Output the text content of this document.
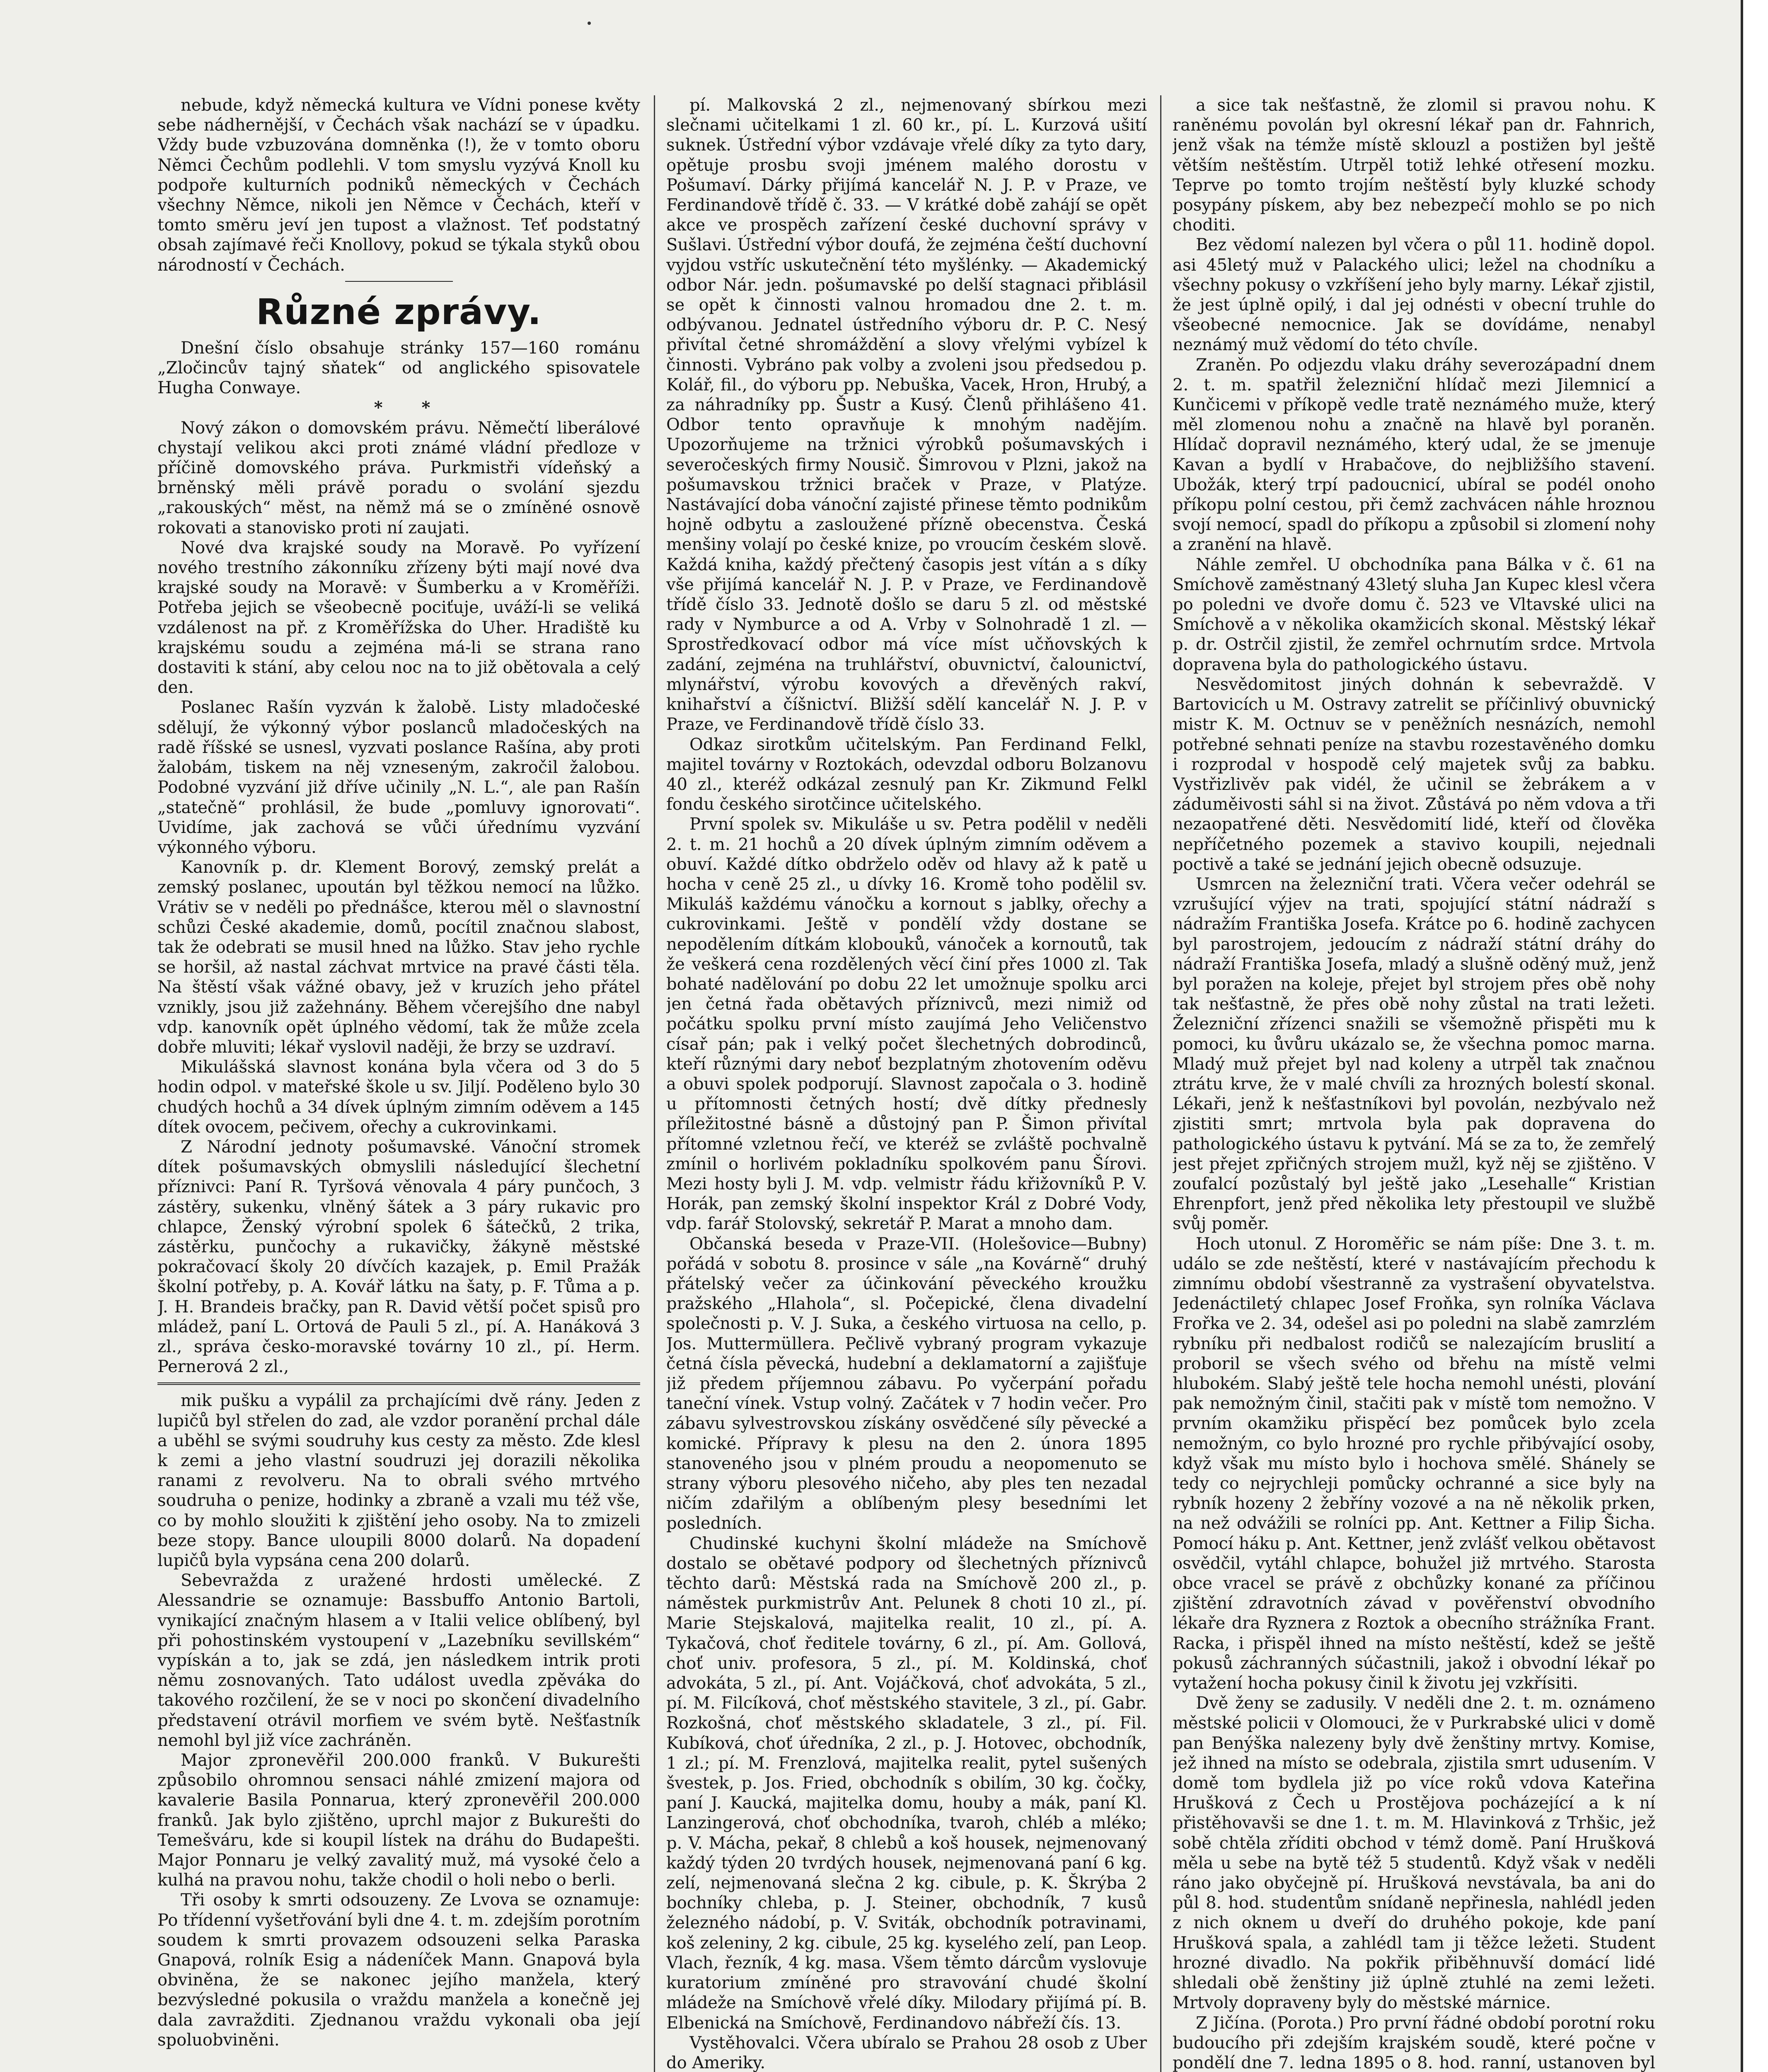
nebude, když německá kultura ve Vídni ponese květy sebe nádhernější, v Čechách však nachází se v úpadku. Vždy bude vzbuzována domněnka (!), že v tomto oboru Němci Čechům podlehli. V tom smyslu vyzývá Knoll ku podpoře kulturních podniků německých v Čechách všechny Němce, nikoli jen Němce v Čechách, kteří v tomto směru jeví jen tupost a vlažnost. Teť podstatný obsah zajímavé řeči Knollovy, pokud se týkala styků obou národností v Čechách.

Různé zprávy.

Dnešní číslo obsahuje stránky 157—160 románu „Zločincův tajný sňatek“ od anglického spisovatele Hugha Conwaye.

* *

Nový zákon o domovském právu. Němečtí liberálové chystají velikou akci proti známé vládní předloze v příčině domovského práva. Purkmistři vídeňský a brněnský měli právě poradu o svolání sjezdu „rakouských“ měst, na němž má se o zmíněné osnově rokovati a stanovisko proti ní zaujati.

Nové dva krajské soudy na Moravě. Po vyřízení nového trestního zákonníku zřízeny býti mají nové dva krajské soudy na Moravě: v Šumberku a v Kroměříži. Potřeba jejich se všeobecně pociťuje, uváží-li se veliká vzdálenost na př. z Kroměřížska do Uher. Hradiště ku krajskému soudu a zejména má-li se strana rano dostaviti k stání, aby celou noc na to již obětovala a celý den.

Poslanec Rašín vyzván k žalobě. Listy mladočeské sdělují, že výkonný výbor poslanců mladočeských na radě říšské se usnesl, vyzvati poslance Rašína, aby proti žalobám, tiskem na něj vzneseným, zakročil žalobou. Podobné vyzvání již dříve učinily „N. L.“, ale pan Rašín „statečně“ prohlásil, že bude „pomluvy ignorovati“. Uvidíme, jak zachová se vůči úřednímu vyzvání výkonného výboru.

Kanovník p. dr. Klement Borový, zemský prelát a zemský poslanec, upoután byl těžkou nemocí na lůžko. Vrátiv se v neděli po přednášce, kterou měl o slavnostní schůzi České akademie, domů, pocítil značnou slabost, tak že odebrati se musil hned na lůžko. Stav jeho rychle se horšil, až nastal záchvat mrtvice na pravé části těla. Na štěstí však vážné obavy, jež v kruzích jeho přátel vznikly, jsou již zažehnány. Během včerejšího dne nabyl vdp. kanovník opět úplného vědomí, tak že může zcela dobře mluviti; lékař vyslovil naději, že brzy se uzdraví.

Mikulášská slavnost konána byla včera od 3 do 5 hodin odpol. v mateřské škole u sv. Jiljí. Poděleno bylo 30 chudých hochů a 34 dívek úplným zimním oděvem a 145 dítek ovocem, pečivem, ořechy a cukrovinkami.

Z Národní jednoty pošumavské. Vánoční stromek dítek pošumavských obmyslili následující šlechetní příznivci: Paní R. Tyršová věnovala 4 páry punčoch, 3 zástěry, sukenku, vlněný šátek a 3 páry rukavic pro chlapce, Ženský výrobní spolek 6 šátečků, 2 trika, zástěrku, punčochy a rukavičky, žákyně městské pokračovací školy 20 dívčích kazajek, p. Emil Pražák školní potřeby, p. A. Kovář látku na šaty, p. F. Tůma a p. J. H. Brandeis bračky, pan R. David větší počet spisů pro mládež, paní L. Ortová de Pauli 5 zl., pí. A. Hanáková 3 zl., správa česko-moravské továrny 10 zl., pí. Herm. Pernerová 2 zl.,

mik pušku a vypálil za prchajícími dvě rány. Jeden z lupičů byl střelen do zad, ale vzdor poranění prchal dále a uběhl se svými soudruhy kus cesty za město. Zde klesl k zemi a jeho vlastní soudruzi jej dorazili několika ranami z revolveru. Na to obrali svého mrtvého soudruha o penize, hodinky a zbraně a vzali mu též vše, co by mohlo sloužiti k zjištění jeho osoby. Na to zmizeli beze stopy. Bance uloupili 8000 dolarů. Na dopadení lupičů byla vypsána cena 200 dolarů.

Sebevražda z uražené hrdosti umělecké. Z Alessandrie se oznamuje: Bassbuffo Antonio Bartoli, vynikající značným hlasem a v Italii velice oblíbený, byl při pohostinském vystoupení v „Lazebníku sevillském“ vypískán a to, jak se zdá, jen následkem intrik proti němu zosnovaných. Tato událost uvedla zpěváka do takového rozčilení, že se v noci po skončení divadelního představení otrávil morfiem ve svém bytě. Nešťastník nemohl byl již více zachráněn.

Major zpronevěřil 200.000 franků. V Bukurešti způsobilo ohromnou sensaci náhlé zmizení majora od kavalerie Basila Ponnarua, který zpronevěřil 200.000 franků. Jak bylo zjištěno, uprchl major z Bukurešti do Temešváru, kde si koupil lístek na dráhu do Budapešti. Major Ponnaru je velký zavalitý muž, má vysoké čelo a kulhá na pravou nohu, takže chodil o holi nebo o berli.

Tři osoby k smrti odsouzeny. Ze Lvova se oznamuje: Po třídenní vyšetřování byli dne 4. t. m. zdejším porotním soudem k smrti provazem odsouzeni selka Paraska Gnapová, rolník Esig a nádeníček Mann. Gnapová byla obviněna, že se nakonec jejího manžela, který bezvýsledné pokusila o vraždu manžela a konečně jej dala zavražditi. Zjednanou vraždu vykonali oba její spoluobviněni.

pí. Malkovská 2 zl., nejmenovaný sbírkou mezi slečnami učitelkami 1 zl. 60 kr., pí. L. Kurzová ušití suknek. Ústřední výbor vzdávaje vřelé díky za tyto dary, opětuje prosbu svoji jménem malého dorostu v Pošumaví. Dárky přijímá kancelář N. J. P. v Praze, ve Ferdinandově třídě č. 33. — V krátké době zahájí se opět akce ve prospěch zařízení české duchovní správy v Sušlavi. Ústřední výbor doufá, že zejména čeští duchovní vyjdou vstříc uskutečnění této myšlénky. — Akademický odbor Nár. jedn. pošumavské po delší stagnaci přiblásil se opět k činnosti valnou hromadou dne 2. t. m. odbývanou. Jednatel ústředního výboru dr. P. C. Nesý přivítal četné shromáždění a slovy vřelými vybízel k činnosti. Vybráno pak volby a zvoleni jsou předsedou p. Kolář, fil., do výboru pp. Nebuška, Vacek, Hron, Hrubý, a za náhradníky pp. Šustr a Kusý. Členů přihlášeno 41. Odbor tento opravňuje k mnohým nadějím. Upozorňujeme na tržnici výrobků pošumavských i severočeských firmy Nousič. Šimrovou v Plzni, jakož na pošumavskou tržnici braček v Praze, v Platýze. Nastávající doba vánoční zajisté přinese těmto podnikům hojně odbytu a zasloužené přízně obecenstva. Česká menšiny volají po české knize, po vroucím českém slově. Každá kniha, každý přečtený časopis jest vítán a s díky vše přijímá kancelář N. J. P. v Praze, ve Ferdinandově třídě číslo 33. Jednotě došlo se daru 5 zl. od městské rady v Nymburce a od A. Vrby v Solnohradě 1 zl. — Sprostředkovací odbor má více míst učňovských k zadání, zejména na truhlářství, obuvnictví, čalounictví, mlynářství, výrobu kovových a dřevěných rakví, knihařství a číšnictví. Bližší sdělí kancelář N. J. P. v Praze, ve Ferdinandově třídě číslo 33.

Odkaz sirotkům učitelským. Pan Ferdinand Felkl, majitel továrny v Roztokách, odevzdal odboru Bolzanovu 40 zl., kteréž odkázal zesnulý pan Kr. Zikmund Felkl fondu českého sirotčince učitelského.

První spolek sv. Mikuláše u sv. Petra podělil v neděli 2. t. m. 21 hochů a 20 dívek úplným zimním oděvem a obuví. Každé dítko obdrželo oděv od hlavy až k patě u hocha v ceně 25 zl., u dívky 16. Kromě toho podělil sv. Mikuláš každému vánočku a kornout s jablky, ořechy a cukrovinkami. Ještě v pondělí vždy dostane se nepodělením dítkám klobouků, vánoček a kornoutů, tak že veškerá cena rozdělených věcí činí přes 1000 zl. Tak bohaté nadělování po dobu 22 let umožnuje spolku arci jen četná řada obětavých příznivců, mezi nimiž od počátku spolku první místo zaujímá Jeho Veličenstvo císař pán; pak i velký počet šlechetných dobrodinců, kteří různými dary neboť bezplatným zhotovením oděvu a obuvi spolek podporují. Slavnost započala o 3. hodině u přítomnosti četných hostí; dvě dítky přednesly příležitostné básně a důstojný pan P. Šimon přivítal přítomné vzletnou řečí, ve kteréž se zvláště pochvalně zmínil o horlivém pokladníku spolkovém panu Šírovi. Mezi hosty byli J. M. vdp. velmistr řádu křižovníků P. V. Horák, pan zemský školní inspektor Král z Dobré Vody, vdp. farář Stolovský, sekretář P. Marat a mnoho dam.

Občanská beseda v Praze-VII. (Holešovice—Bubny) pořádá v sobotu 8. prosince v sále „na Kovárně“ druhý přátelský večer za účinkování pěveckého kroužku pražského „Hlahola“, sl. Počepické, člena divadelní společnosti p. V. J. Suka, a českého virtuosa na cello, p. Jos. Muttermüllera. Pečlivě vybraný program vykazuje četná čísla pěvecká, hudební a deklamatorní a zajišťuje již předem příjemnou zábavu. Po vyčerpání pořadu taneční vínek. Vstup volný. Začátek v 7 hodin večer. Pro zábavu sylvestrovskou získány osvědčené síly pěvecké a komické. Přípravy k plesu na den 2. února 1895 stanoveného jsou v plném proudu a neopomenuto se strany výboru plesového ničeho, aby ples ten nezadal ničím zdařilým a oblíbeným plesy besedními let posledních.

Chudinské kuchyni školní mládeže na Smíchově dostalo se obětavé podpory od šlechetných příznivců těchto darů: Městská rada na Smíchově 200 zl., p. náměstek purkmistrův Ant. Pelunek 8 choti 10 zl., pí. Marie Stejskalová, majitelka realit, 10 zl., pí. A. Tykačová, choť ředitele továrny, 6 zl., pí. Am. Gollová, choť univ. profesora, 5 zl., pí. M. Koldinská, choť advokáta, 5 zl., pí. Ant. Vojáčková, choť advokáta, 5 zl., pí. M. Filcíková, choť městského stavitele, 3 zl., pí. Gabr. Rozkošná, choť městského skladatele, 3 zl., pí. Fil. Kubíková, choť úředníka, 2 zl., p. J. Hotovec, obchodník, 1 zl.; pí. M. Frenzlová, majitelka realit, pytel sušených švestek, p. Jos. Fried, obchodník s obilím, 30 kg. čočky, paní J. Kaucká, majitelka domu, houby a mák, paní Kl. Lanzingerová, choť obchodníka, tvaroh, chléb a mléko; p. V. Mácha, pekař, 8 chlebů a koš housek, nejmenovaný každý týden 20 tvrdých housek, nejmenovaná paní 6 kg. zelí, nejmenovaná slečna 2 kg. cibule, p. K. Škrýba 2 bochníky chleba, p. J. Steiner, obchodník, 7 kusů železného nádobí, p. V. Sviták, obchodník potravinami, koš zeleniny, 2 kg. cibule, 25 kg. kyselého zelí, pan Leop. Vlach, řezník, 4 kg. masa. Všem těmto dárcům vyslovuje kuratorium zmíněné pro stravování chudé školní mládeže na Smíchově vřelé díky. Milodary přijímá pí. B. Elbenická na Smíchově, Ferdinandovo nábřeží čís. 13.

Vystěhovalci. Včera ubíralo se Prahou 28 osob z Uber do Ameriky.

a sice tak nešťastně, že zlomil si pravou nohu. K raněnému povolán byl okresní lékař pan dr. Fahnrich, jenž však na témže místě sklouzl a postižen byl ještě větším neštěstím. Utrpěl totiž lehké otřesení mozku. Teprve po tomto trojím neštěstí byly kluzké schody posypány pískem, aby bez nebezpečí mohlo se po nich choditi.

Bez vědomí nalezen byl včera o půl 11. hodině dopol. asi 45letý muž v Palackého ulici; ležel na chodníku a všechny pokusy o vzkříšení jeho byly marny. Lékař zjistil, že jest úplně opilý, i dal jej odnésti v obecní truhle do všeobecné nemocnice. Jak se dovídáme, nenabyl neznámý muž vědomí do této chvíle.

Zraněn. Po odjezdu vlaku dráhy severozápadní dnem 2. t. m. spatřil železniční hlídač mezi Jilemnicí a Kunčicemi v příkopě vedle tratě neznámého muže, který měl zlomenou nohu a značně na hlavě byl poraněn. Hlídač dopravil neznámého, který udal, že se jmenuje Kavan a bydlí v Hrabačove, do nejbližšího stavení. Ubožák, který trpí padoucnicí, ubíral se podél onoho příkopu polní cestou, při čemž zachvácen náhle hroznou svojí nemocí, spadl do příkopu a způsobil si zlomení nohy a zranění na hlavě.

Náhle zemřel. U obchodníka pana Bálka v č. 61 na Smíchově zaměstnaný 43letý sluha Jan Kupec klesl včera po poledni ve dvoře domu č. 523 ve Vltavské ulici na Smíchově a v několika okamžicích skonal. Městský lékař p. dr. Ostrčil zjistil, že zemřel ochrnutím srdce. Mrtvola dopravena byla do pathologického ústavu.

Nesvědomitost jiných dohnán k sebevraždě. V Bartovicích u M. Ostravy zatrelit se příčinlivý obuvnický mistr K. M. Octnuv se v peněžních nesnázích, nemohl potřebné sehnati peníze na stavbu rozestavěného domku i rozprodal v hospodě celý majetek svůj za babku. Vystřizlivěv pak vidél, že učinil se žebrákem a v záduměivosti sáhl si na život. Zůstává po něm vdova a tři nezaopatřené děti. Nesvědomití lidé, kteří od člověka nepříčetného pozemek a stavivo koupili, nejednali poctivě a také se jednání jejich obecně odsuzuje.

Usmrcen na železniční trati. Včera večer odehrál se vzrušující výjev na trati, spojující státní nádraží s nádražím Františka Josefa. Krátce po 6. hodině zachycen byl parostrojem, jedoucím z nádraží státní dráhy do nádraží Františka Josefa, mladý a slušně oděný muž, jenž byl poražen na koleje, přejet byl strojem přes obě nohy tak nešťastně, že přes obě nohy zůstal na trati ležeti. Železniční zřízenci snažili se všemožně přispěti mu k pomoci, ku ůvůru ukázalo se, že všechna pomoc marna. Mladý muž přejet byl nad koleny a utrpěl tak značnou ztrátu krve, že v malé chvíli za hrozných bolestí skonal. Lékaři, jenž k nešťastníkovi byl povolán, nezbývalo než zjistiti smrt; mrtvola byla pak dopravena do pathologického ústavu k pytvání. Má se za to, že zemřelý jest přejet zpřičných strojem mužl, kyž něj se zjištěno. V zoufalcí pozůstalý byl ještě jako „Lesehalle“ Kristian Ehrenpfort, jenž před několika lety přestoupil ve službě svůj poměr.

Hoch utonul. Z Horoměřic se nám píše: Dne 3. t. m. událo se zde neštěstí, které v nastávajícím přechodu k zimnímu období všestranně za vystrašení obyvatelstva. Jedenáctiletý chlapec Josef Froňka, syn rolníka Václava Frořka ve 2. 34, odešel asi po poledni na slabě zamrzlém rybníku při nedbalost rodičů se nalezajícím bruslití a proboril se všech svého od břehu na místě velmi hlubokém. Slabý ještě tele hocha nemohl unésti, plování pak nemožným činil, stačiti pak v místě tom nemožno. V prvním okamžiku přispěcí bez pomůcek bylo zcela nemožným, co bylo hrozné pro rychle přibývající osoby, když však mu místo bylo i hochova smělé. Shánely se tedy co nejrychleji pomůcky ochranné a sice byly na rybník hozeny 2 žebříny vozové a na ně několik prken, na než odvážili se rolníci pp. Ant. Kettner a Filip Šicha. Pomocí háku p. Ant. Kettner, jenž zvlášť velkou obětavost osvědčil, vytáhl chlapce, bohužel již mrtvého. Starosta obce vracel se právě z obchůzky konané za příčinou zjištění zdravotních závad v pověřenství obvodního lékaře dra Ryznera z Roztok a obecního strážníka Frant. Racka, i přispěl ihned na místo neštěstí, kdež se ještě pokusů záchranných súčastnili, jakož i obvodní lékař po vytažení hocha pokusy činil k životu jej vzkřísiti.

Dvě ženy se zadusily. V neděli dne 2. t. m. oznámeno městské policii v Olomouci, že v Purkrabské ulici v domě pan Benýška nalezeny byly dvě ženštiny mrtvy. Komise, jež ihned na místo se odebrala, zjistila smrt udusením. V domě tom bydlela již po více roků vdova Kateřina Hrušková z Čech u Prostějova pocházející a k ní přistěhovavši se dne 1. t. m. M. Hlavinková z Trhšic, jež sobě chtěla zříditi obchod v témž domě. Paní Hrušková měla u sebe na bytě též 5 studentů. Když však v neděli ráno jako obyčejně pí. Hrušková nevstávala, ba ani do půl 8. hod. studentům snídaně nepřinesla, nahlédl jeden z nich oknem u dveří do druhého pokoje, kde paní Hrušková spala, a zahlédl tam ji těžce ležeti. Student hrozné divadlo. Na pokřik přiběhnuvší domácí lidé shledali obě ženštiny již úplně ztuhlé na zemi ležeti. Mrtvoly dopraveny byly do městské márnice.

Z Jičína. (Porota.) Pro první řádné období porotní roku budoucího při zdejším krajském soudě, které počne v pondělí dne 7. ledna 1895 o 8. hod. ranní, ustanoven byl
